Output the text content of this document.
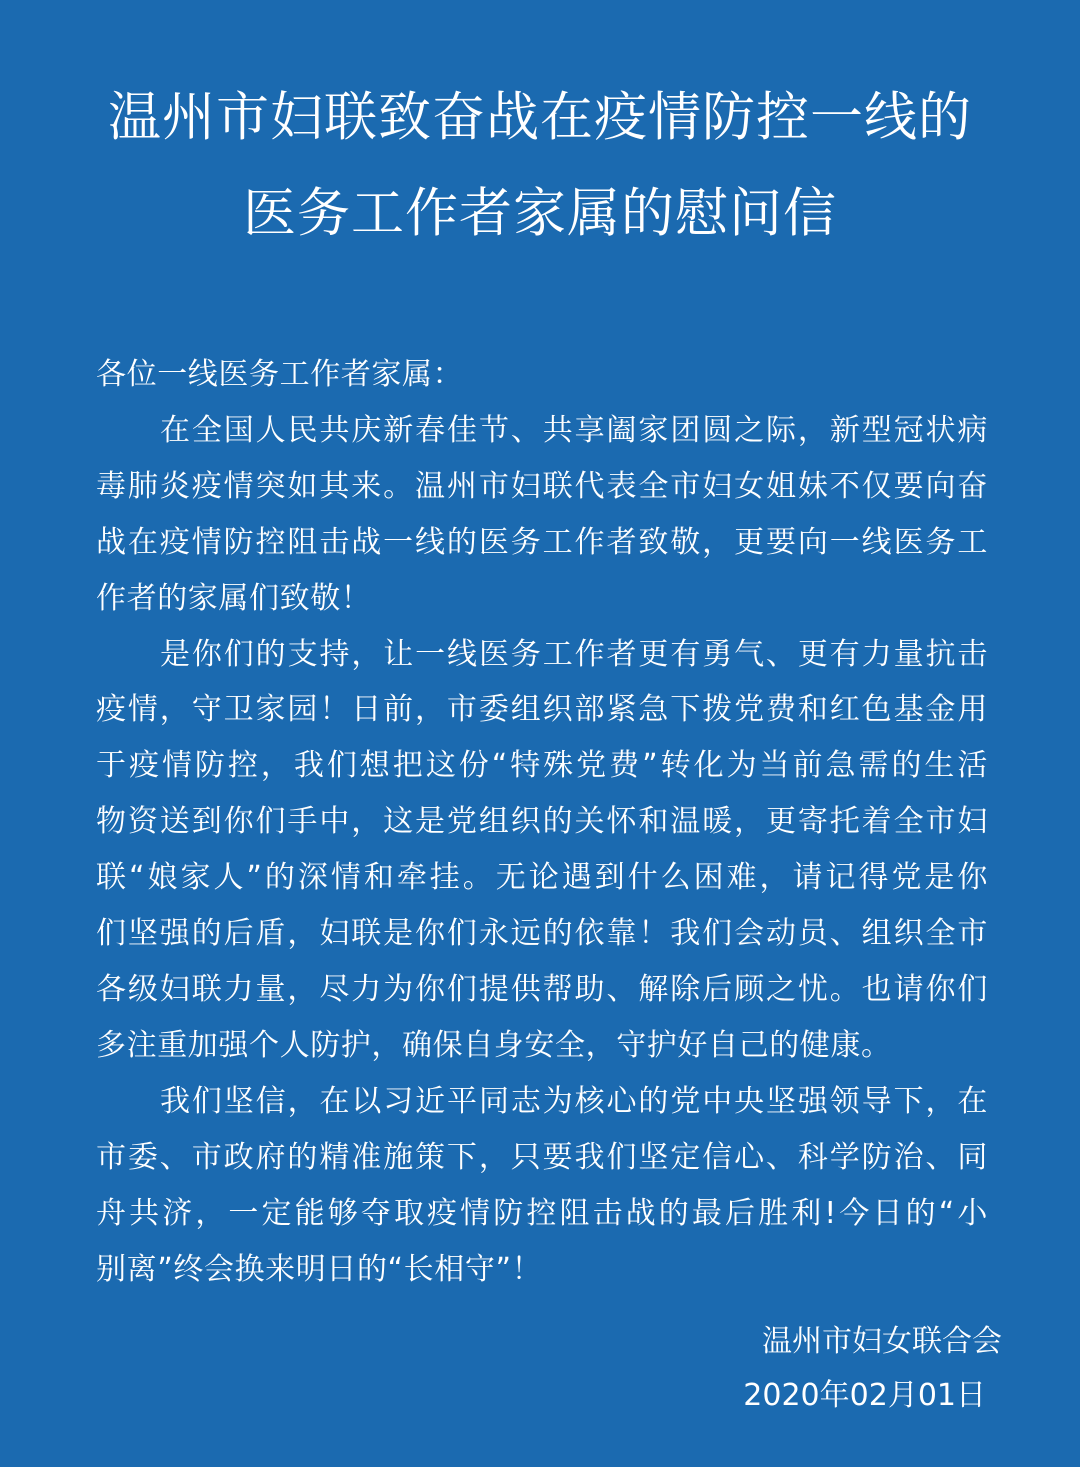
温州市妇联致奋战在疫情防控一线的
医务工作者家属的慰问信
各位一线医务工作者家属：
在全国人民共庆新春佳节、共享阖家团圆之际，新型冠状病
毒肺炎疫情突如其来。温州市妇联代表全市妇女姐妹不仅要向奋
战在疫情防控阻击战一线的医务工作者致敬，更要向一线医务工
作者的家属们致敬！
是你们的支持，让一线医务工作者更有勇气、更有力量抗击
疫情，守卫家园！日前，市委组织部紧急下拨党费和红色基金用
于疫情防控，我们想把这份“特殊党费”转化为当前急需的生活
物资送到你们手中，这是党组织的关怀和温暖，更寄托着全市妇
联“娘家人”的深情和牵挂。无论遇到什么困难，请记得党是你
们坚强的后盾，妇联是你们永远的依靠！我们会动员、组织全市
各级妇联力量，尽力为你们提供帮助、解除后顾之忧。也请你们
多注重加强个人防护，确保自身安全，守护好自己的健康。
我们坚信，在以习近平同志为核心的党中央坚强领导下，在
市委、市政府的精准施策下，只要我们坚定信心、科学防治、同
舟共济，一定能够夺取疫情防控阻击战的最后胜利!今日的“小
别离”终会换来明日的“长相守”！
温州市妇女联合会
2020年02月01日
